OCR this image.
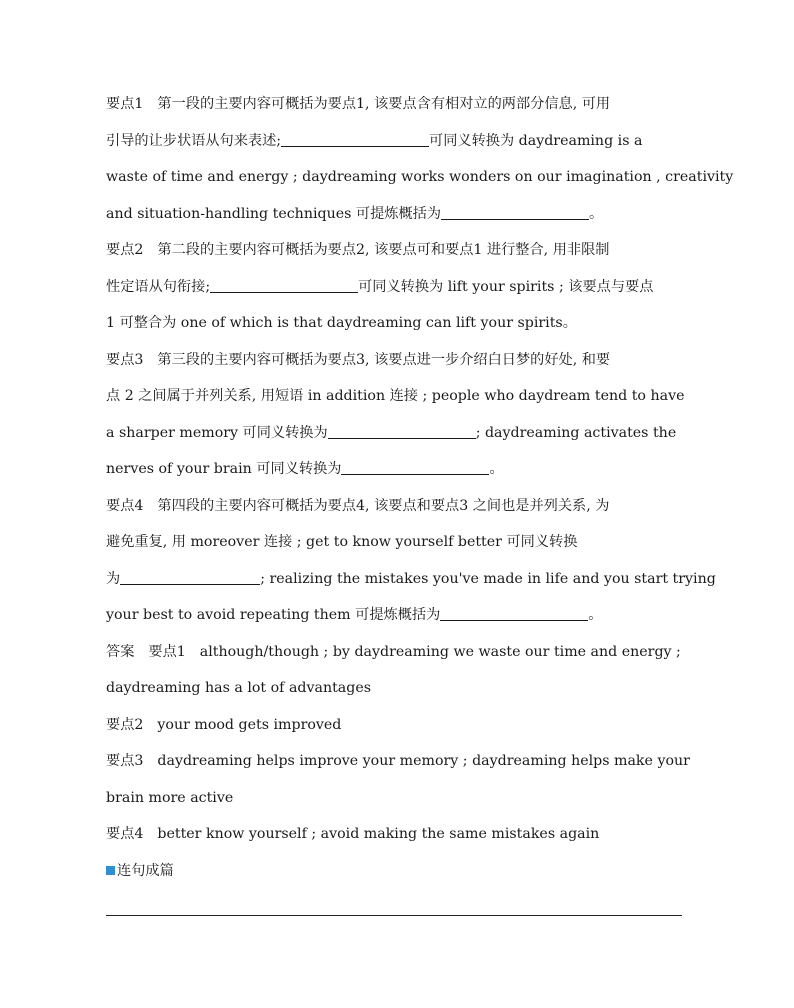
要点1 第一段的主要内容可概括为要点1, 该要点含有相对立的两部分信息, 可用
引导的让步状语从句来表述;	可同义转换为 daydreaming is a
waste of time and energy ; daydreaming works wonders on our imagination , creativity
and situation-handling techniques 可提炼概括为	。
要点2 第二段的主要内容可概括为要点2, 该要点可和要点1 进行整合, 用非限制
性定语从句衔接;	可同义转换为 lift your spirits ; 该要点与要点
1 可整合为 one of which is that daydreaming can lift your spirits。
要点3 第三段的主要内容可概括为要点3, 该要点进一步介绍白日梦的好处, 和要
点 2 之间属于并列关系, 用短语 in addition 连接 ; people who daydream tend to have
a sharper memory 可同义转换为	; daydreaming activates the
nerves of your brain 可同义转换为	。
要点4 第四段的主要内容可概括为要点4, 该要点和要点3 之间也是并列关系, 为
避免重复, 用 moreover 连接 ; get to know yourself better 可同义转换
为	; realizing the mistakes you've made in life and you start trying
your best to avoid repeating them 可提炼概括为	。
答案 要点1 although/though ; by daydreaming we waste our time and energy ;
daydreaming has a lot of advantages
要点2 your mood gets improved
要点3 daydreaming helps improve your memory ; daydreaming helps make your
brain more active
要点4 better know yourself ; avoid making the same mistakes again
连句成篇
